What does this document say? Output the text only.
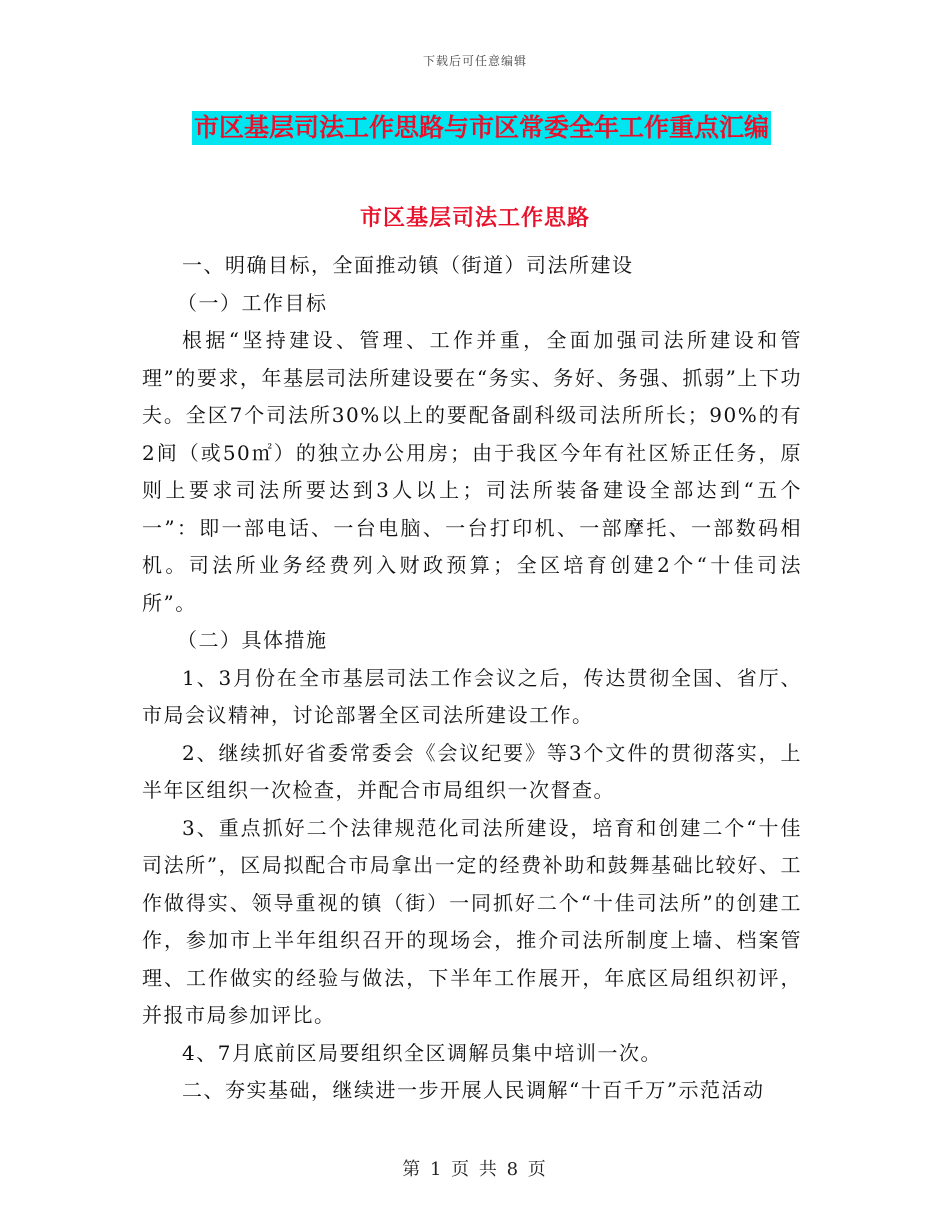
下载后可任意编辑
市区基层司法工作思路与市区常委全年工作重点汇编
市区基层司法工作思路

一、明确目标，全面推动镇（街道）司法所建设

（一）工作目标

根据“坚持建设、管理、工作并重，全面加强司法所建设和管理”的要求，年基层司法所建设要在“务实、务好、务强、抓弱”上下功夫。全区7个司法所30%以上的要配备副科级司法所所长；90%的有2间（或50㎡）的独立办公用房；由于我区今年有社区矫正任务，原则上要求司法所要达到3人以上；司法所装备建设全部达到“五个一”：即一部电话、一台电脑、一台打印机、一部摩托、一部数码相机。司法所业务经费列入财政预算；全区培育创建2个“十佳司法所”。

（二）具体措施

1、3月份在全市基层司法工作会议之后，传达贯彻全国、省厅、市局会议精神，讨论部署全区司法所建设工作。

2、继续抓好省委常委会《会议纪要》等3个文件的贯彻落实，上半年区组织一次检查，并配合市局组织一次督查。

3、重点抓好二个法律规范化司法所建设，培育和创建二个“十佳司法所”，区局拟配合市局拿出一定的经费补助和鼓舞基础比较好、工作做得实、领导重视的镇（街）一同抓好二个“十佳司法所”的创建工作，参加市上半年组织召开的现场会，推介司法所制度上墙、档案管理、工作做实的经验与做法，下半年工作展开，年底区局组织初评，并报市局参加评比。

4、7月底前区局要组织全区调解员集中培训一次。

二、夯实基础，继续进一步开展人民调解“十百千万”示范活动

第 1 页 共 8 页
